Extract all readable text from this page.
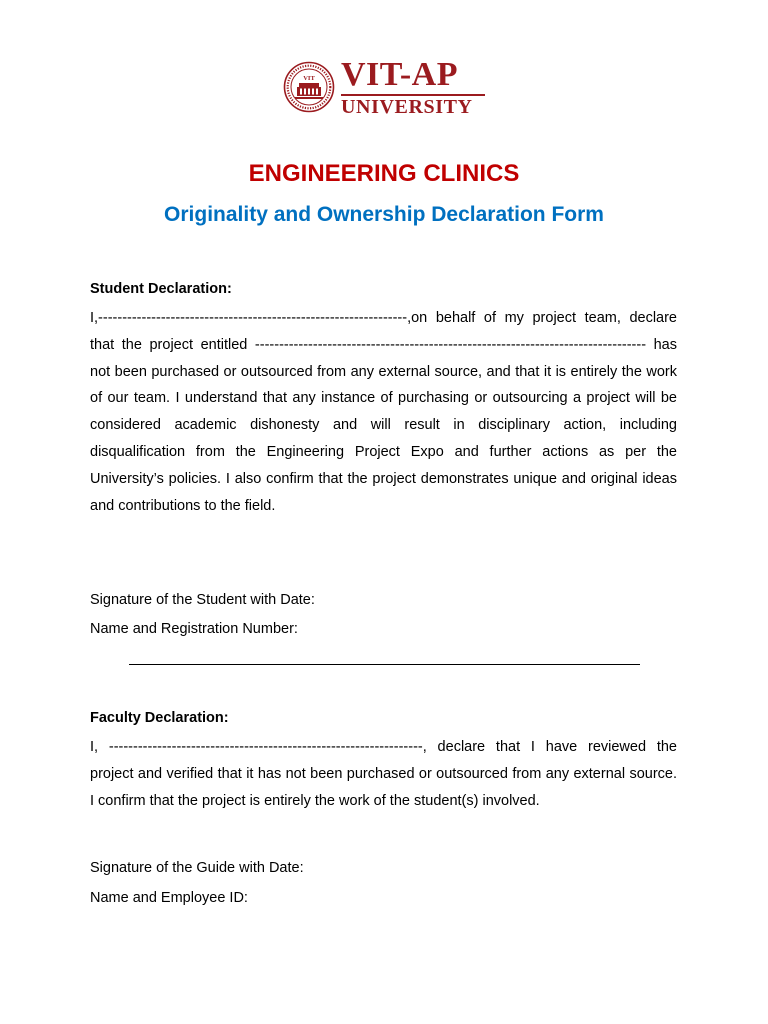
VIT VIT-AP
UNIVERSITY
ENGINEERING CLINICS
Originality and Ownership Declaration Form
Student Declaration:

I,----------------------------------------------------------------,on behalf of my project team, declare that the project entitled --------------------------------------------------------------------------------- has not been purchased or outsourced from any external source, and that it is entirely the work of our team. I understand that any instance of purchasing or outsourcing a project will be considered academic dishonesty and will result in disciplinary action, including disqualification from the Engineering Project Expo and further actions as per the University’s policies. I also confirm that the project demonstrates unique and original ideas and contributions to the field.

Signature of the Student with Date:
Name and Registration Number:
Faculty Declaration:

I, -----------------------------------------------------------------, declare that I have reviewed the project and verified that it has not been purchased or outsourced from any external source. I confirm that the project is entirely the work of the student(s) involved.

Signature of the Guide with Date:
Name and Employee ID:
